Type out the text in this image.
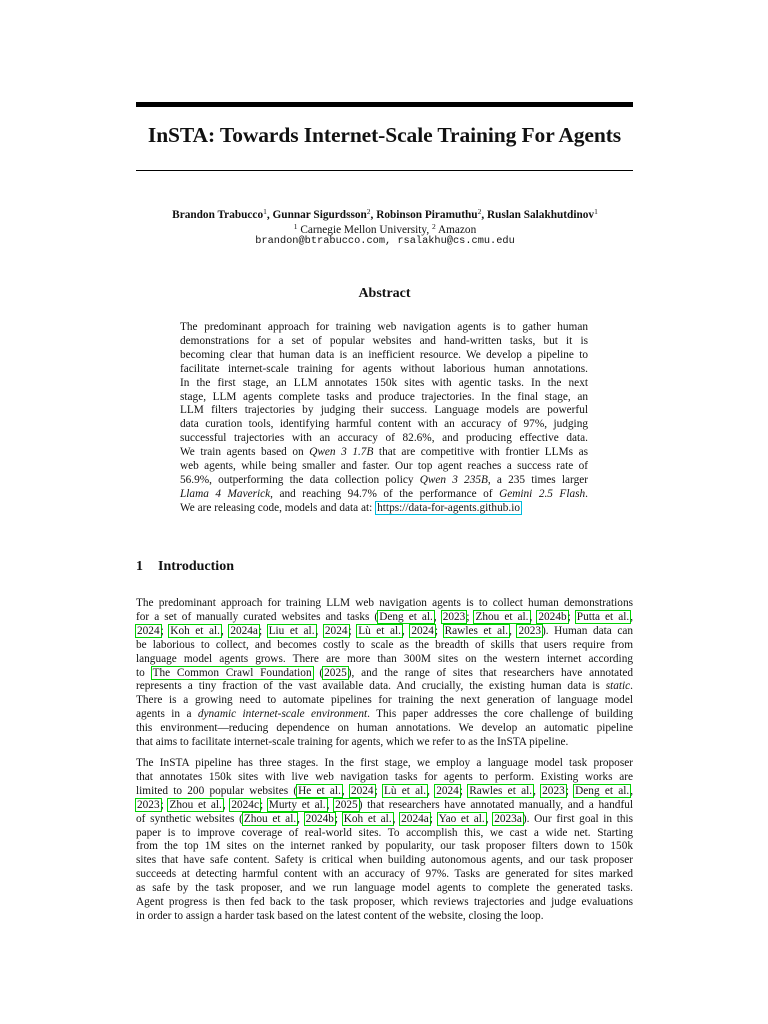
InSTA: Towards Internet-Scale Training For Agents
Brandon Trabucco$^1$, Gunnar Sigurdsson$^2$, Robinson Piramuthu$^2$, Ruslan Salakhutdinov$^1$
$^1$ Carnegie Mellon University, $^2$ Amazon
brandon@btrabucco.com, rsalakhu@cs.cmu.edu
Abstract
The predominant approach for training web navigation agents is to gather human
demonstrations for a set of popular websites and hand-written tasks, but it is
becoming clear that human data is an inefficient resource. We develop a pipeline to
facilitate internet-scale training for agents without laborious human annotations.
In the first stage, an LLM annotates 150k sites with agentic tasks. In the next
stage, LLM agents complete tasks and produce trajectories. In the final stage, an
LLM filters trajectories by judging their success. Language models are powerful
data curation tools, identifying harmful content with an accuracy of 97%, judging
successful trajectories with an accuracy of 82.6%, and producing effective data.
We train agents based on Qwen 3 1.7B that are competitive with frontier LLMs as
web agents, while being smaller and faster. Our top agent reaches a success rate of
56.9%, outperforming the data collection policy Qwen 3 235B, a 235 times larger
Llama 4 Maverick, and reaching 94.7% of the performance of Gemini 2.5 Flash.
We are releasing code, models and data at: https://data-for-agents.github.io
1 Introduction
The predominant approach for training LLM web navigation agents is to collect human demonstrations
for a set of manually curated websites and tasks (Deng et al., 2023; Zhou et al., 2024b; Putta et al.,
2024; Koh et al., 2024a; Liu et al., 2024; Lù et al., 2024; Rawles et al., 2023). Human data can
be laborious to collect, and becomes costly to scale as the breadth of skills that users require from
language model agents grows. There are more than 300M sites on the western internet according
to The Common Crawl Foundation (2025), and the range of sites that researchers have annotated
represents a tiny fraction of the vast available data. And crucially, the existing human data is static.
There is a growing need to automate pipelines for training the next generation of language model
agents in a dynamic internet-scale environment. This paper addresses the core challenge of building
this environment—reducing dependence on human annotations. We develop an automatic pipeline
that aims to facilitate internet-scale training for agents, which we refer to as the InSTA pipeline.
The InSTA pipeline has three stages. In the first stage, we employ a language model task proposer
that annotates 150k sites with live web navigation tasks for agents to perform. Existing works are
limited to 200 popular websites (He et al., 2024; Lù et al., 2024; Rawles et al., 2023; Deng et al.,
2023; Zhou et al., 2024c; Murty et al., 2025) that researchers have annotated manually, and a handful
of synthetic websites (Zhou et al., 2024b; Koh et al., 2024a; Yao et al., 2023a). Our first goal in this
paper is to improve coverage of real-world sites. To accomplish this, we cast a wide net. Starting
from the top 1M sites on the internet ranked by popularity, our task proposer filters down to 150k
sites that have safe content. Safety is critical when building autonomous agents, and our task proposer
succeeds at detecting harmful content with an accuracy of 97%. Tasks are generated for sites marked
as safe by the task proposer, and we run language model agents to complete the generated tasks.
Agent progress is then fed back to the task proposer, which reviews trajectories and judge evaluations
in order to assign a harder task based on the latest content of the website, closing the loop.
